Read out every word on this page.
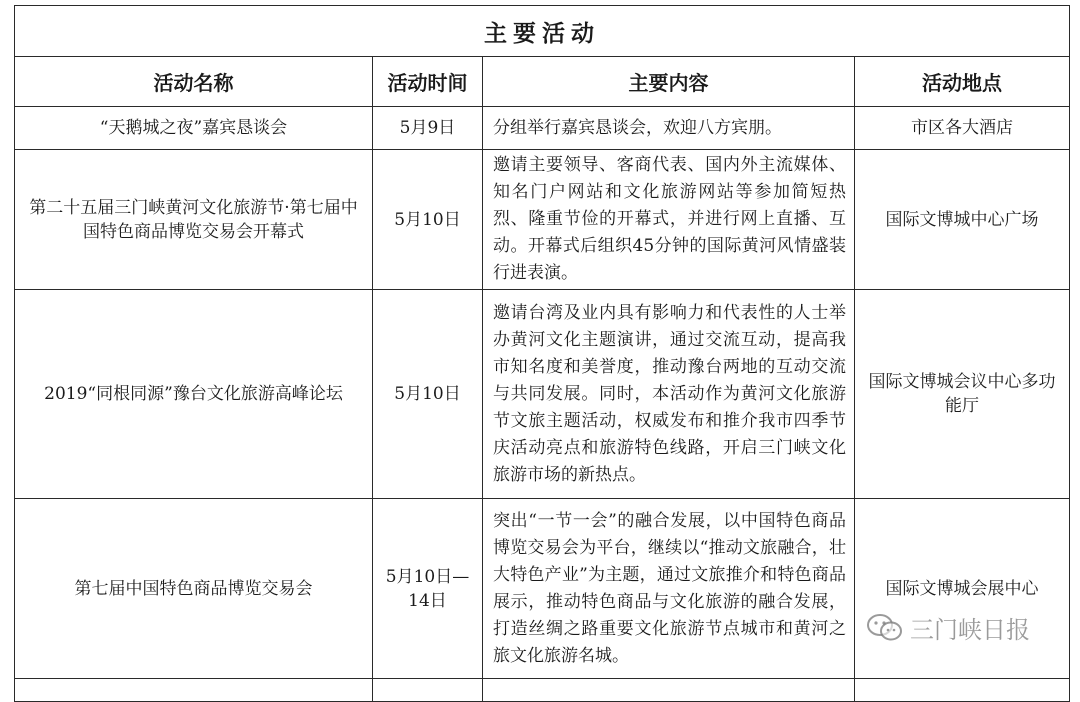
主要活动			
活动名称	活动时间	主要内容	活动地点
“天鹅城之夜”嘉宾恳谈会	5月9日	分组举行嘉宾恳谈会，欢迎八方宾朋。	市区各大酒店
第二十五届三门峡黄河文化旅游节·第七届中国特色商品博览交易会开幕式	5月10日	邀请主要领导、客商代表、国内外主流媒体、知名门户网站和文化旅游网站等参加简短热烈、隆重节俭的开幕式，并进行网上直播、互动。开幕式后组织45分钟的国际黄河风情盛装行进表演。	国际文博城中心广场
2019“同根同源”豫台文化旅游高峰论坛	5月10日	邀请台湾及业内具有影响力和代表性的人士举办黄河文化主题演讲，通过交流互动，提高我市知名度和美誉度，推动豫台两地的互动交流与共同发展。同时，本活动作为黄河文化旅游节文旅主题活动，权威发布和推介我市四季节庆活动亮点和旅游特色线路，开启三门峡文化旅游市场的新热点。	国际文博城会议中心多功能厅
第七届中国特色商品博览交易会	5月10日—14日	突出“一节一会”的融合发展，以中国特色商品博览交易会为平台，继续以“推动文旅融合，壮大特色产业”为主题，通过文旅推介和特色商品展示，推动特色商品与文化旅游的融合发展，打造丝绸之路重要文化旅游节点城市和黄河之旅文化旅游名城。	国际文博城会展中心

三门峡日报
